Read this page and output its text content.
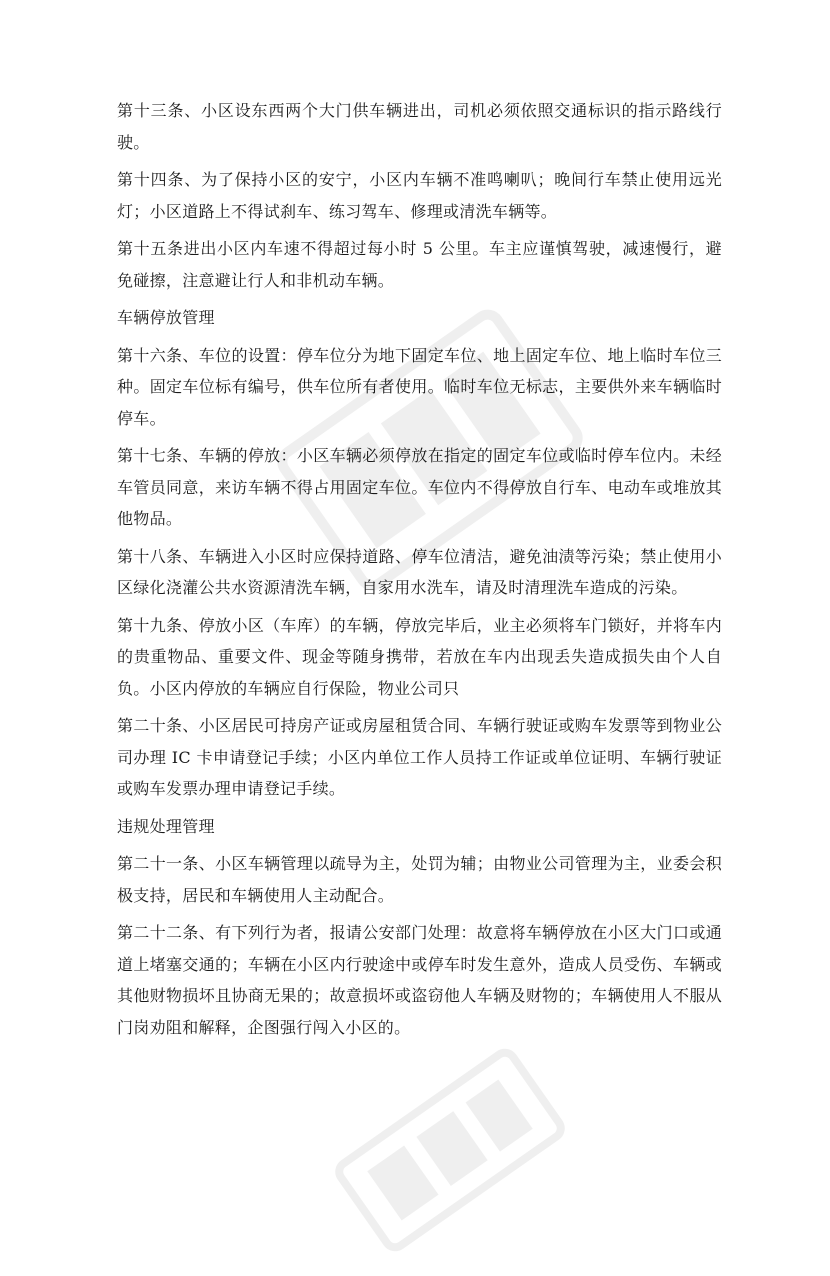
第十三条、小区设东西两个大门供车辆进出，司机必须依照交通标识的指示路线行驶。

第十四条、为了保持小区的安宁，小区内车辆不准鸣喇叭；晚间行车禁止使用远光灯；小区道路上不得试刹车、练习驾车、修理或清洗车辆等。

第十五条进出小区内车速不得超过每小时 5 公里。车主应谨慎驾驶，减速慢行，避免碰擦，注意避让行人和非机动车辆。

车辆停放管理

第十六条、车位的设置：停车位分为地下固定车位、地上固定车位、地上临时车位三种。固定车位标有编号，供车位所有者使用。临时车位无标志，主要供外来车辆临时停车。

第十七条、车辆的停放：小区车辆必须停放在指定的固定车位或临时停车位内。未经车管员同意，来访车辆不得占用固定车位。车位内不得停放自行车、电动车或堆放其他物品。

第十八条、车辆进入小区时应保持道路、停车位清洁，避免油渍等污染；禁止使用小区绿化浇灌公共水资源清洗车辆，自家用水洗车，请及时清理洗车造成的污染。

第十九条、停放小区（车库）的车辆，停放完毕后，业主必须将车门锁好，并将车内的贵重物品、重要文件、现金等随身携带，若放在车内出现丢失造成损失由个人自负。小区内停放的车辆应自行保险，物业公司只

第二十条、小区居民可持房产证或房屋租赁合同、车辆行驶证或购车发票等到物业公司办理 IC 卡申请登记手续；小区内单位工作人员持工作证或单位证明、车辆行驶证或购车发票办理申请登记手续。

违规处理管理

第二十一条、小区车辆管理以疏导为主，处罚为辅；由物业公司管理为主，业委会积极支持，居民和车辆使用人主动配合。

第二十二条、有下列行为者，报请公安部门处理：故意将车辆停放在小区大门口或通道上堵塞交通的；车辆在小区内行驶途中或停车时发生意外，造成人员受伤、车辆或其他财物损坏且协商无果的；故意损坏或盗窃他人车辆及财物的；车辆使用人不服从门岗劝阻和解释，企图强行闯入小区的。
